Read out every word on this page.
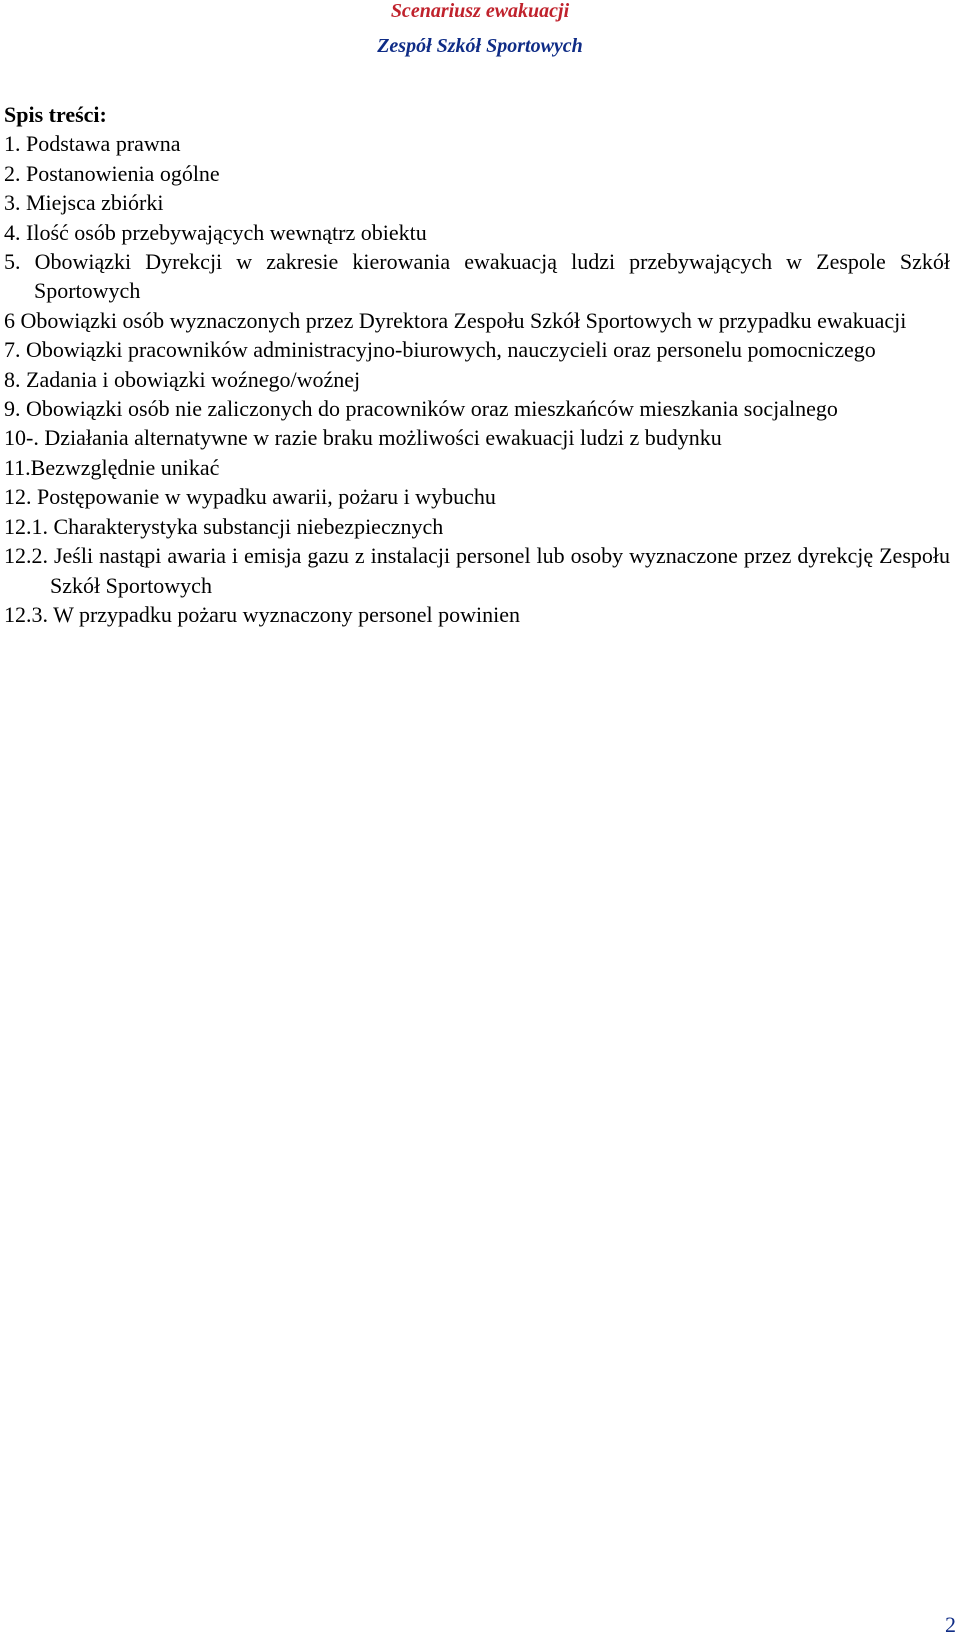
Scenariusz ewakuacji
Zespół Szkół Sportowych

Spis treści:

1. Podstawa prawna
2. Postanowienia ogólne
3. Miejsca zbiórki
4. Ilość osób przebywających wewnątrz obiektu
5. Obowiązki Dyrekcji w zakresie kierowania ewakuacją ludzi przebywających w Zespole Szkół Sportowych
6 Obowiązki osób wyznaczonych przez Dyrektora Zespołu Szkół Sportowych w przypadku ewakuacji
7. Obowiązki pracowników administracyjno-biurowych, nauczycieli oraz personelu pomocniczego
8. Zadania i obowiązki woźnego/woźnej
9. Obowiązki osób nie zaliczonych do pracowników oraz mieszkańców mieszkania socjalnego
10-. Działania alternatywne w razie braku możliwości ewakuacji ludzi z budynku
11.Bezwzględnie unikać
12. Postępowanie w wypadku awarii, pożaru i wybuchu
12.1. Charakterystyka substancji niebezpiecznych
12.2. Jeśli nastąpi awaria i emisja gazu z instalacji personel lub osoby wyznaczone przez dyrekcję Zespołu Szkół Sportowych
12.3. W przypadku pożaru wyznaczony personel powinien
2
